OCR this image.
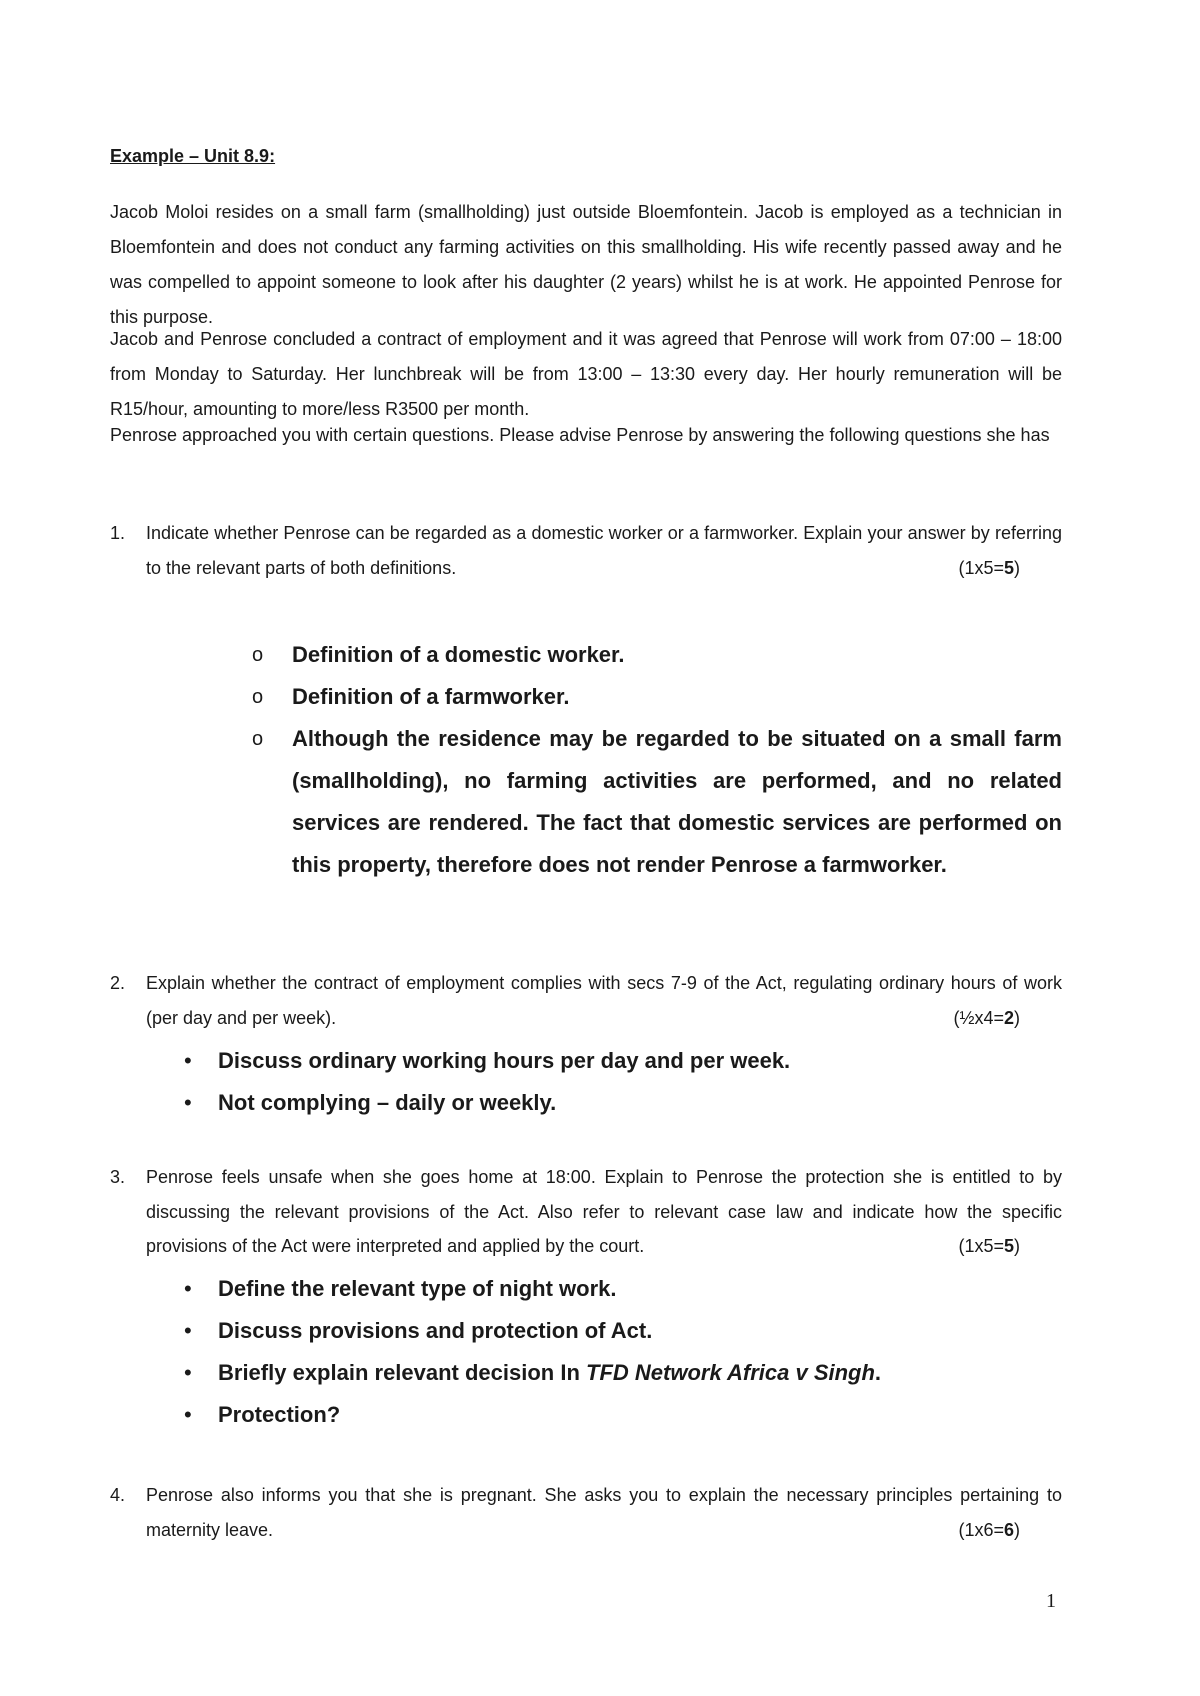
Example – Unit 8.9:

Jacob Moloi resides on a small farm (smallholding) just outside Bloemfontein. Jacob is employed as a technician in Bloemfontein and does not conduct any farming activities on this smallholding. His wife recently passed away and he was compelled to appoint someone to look after his daughter (2 years) whilst he is at work. He appointed Penrose for this purpose.

Jacob and Penrose concluded a contract of employment and it was agreed that Penrose will work from 07:00 – 18:00 from Monday to Saturday. Her lunchbreak will be from 13:00 – 13:30 every day. Her hourly remuneration will be R15/hour, amounting to more/less R3500 per month.

Penrose approached you with certain questions. Please advise Penrose by answering the following questions she has

1. Indicate whether Penrose can be regarded as a domestic worker or a farmworker. Explain your answer by referring to the relevant parts of both definitions.	(1x5=5)
o Definition of a domestic worker.
o Definition of a farmworker.
o Although the residence may be regarded to be situated on a small farm (smallholding), no farming activities are performed, and no related services are rendered. The fact that domestic services are performed on this property, therefore does not render Penrose a farmworker.
2. Explain whether the contract of employment complies with secs 7-9 of the Act, regulating ordinary hours of work (per day and per week).	(½x4=2)
• Discuss ordinary working hours per day and per week.
• Not complying – daily or weekly.
3. Penrose feels unsafe when she goes home at 18:00. Explain to Penrose the protection she is entitled to by discussing the relevant provisions of the Act. Also refer to relevant case law and indicate how the specific provisions of the Act were interpreted and applied by the court.	(1x5=5)
• Define the relevant type of night work.
• Discuss provisions and protection of Act.
• Briefly explain relevant decision In TFD Network Africa v Singh.
• Protection?
4. Penrose also informs you that she is pregnant. She asks you to explain the necessary principles pertaining to maternity leave.	(1x6=6)
1
